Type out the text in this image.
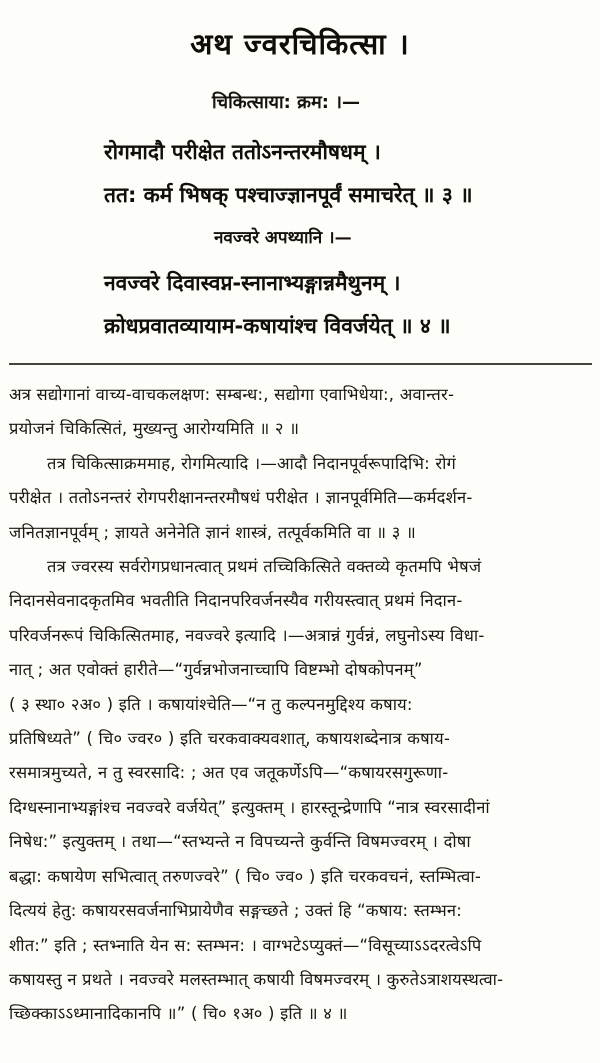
अथ ज्वरचिकित्सा ।
चिकित्साया: क्रम: ।—
रोगमादौ परीक्षेत ततोऽनन्तरमौषधम् ।
तत: कर्म भिषक् पश्चाज्ज्ञानपूर्वं समाचरेत् ॥ ३ ॥
नवज्वरे अपथ्यानि ।—
नवज्वरे दिवास्वप्न-स्नानाभ्यङ्गान्नमैथुनम् ।
क्रोधप्रवातव्यायाम-कषायांश्च विवर्जयेत् ॥ ४ ॥
अत्र सद्योगानां वाच्य-वाचकलक्षण: सम्बन्ध:, सद्योगा एवाभिधेया:, अवान्तर-
प्रयोजनं चिकित्सितं, मुख्यन्तु आरोग्यमिति ॥ २ ॥
तत्र चिकित्साक्रममाह, रोगमित्यादि ।—आदौ निदानपूर्वरूपादिभि: रोगं
परीक्षेत । ततोऽनन्तरं रोगपरीक्षानन्तरमौषधं परीक्षेत । ज्ञानपूर्वमिति—कर्मदर्शन-
जनितज्ञानपूर्वम् ; ज्ञायते अनेनेति ज्ञानं शास्त्रं, तत्पूर्वकमिति वा ॥ ३ ॥
तत्र ज्वरस्य सर्वरोगप्रधानत्वात् प्रथमं तच्चिकित्सिते वक्तव्ये कृतमपि भेषजं
निदानसेवनादकृतमिव भवतीति निदानपरिवर्जनस्यैव गरीयस्त्वात् प्रथमं निदान-
परिवर्जनरूपं चिकित्सितमाह, नवज्वरे इत्यादि ।—अत्रान्नं गुर्वन्नं, लघुनोऽस्य विधा-
नात् ; अत एवोक्तं हारीते—“गुर्वन्नभोजनाच्चापि विष्टम्भो दोषकोपनम्”
( ३ स्था० २अ० ) इति । कषायांश्चेति—“न तु कल्पनमुद्दिश्य कषाय:
प्रतिषिध्यते” ( चि० ज्वर० ) इति चरकवाक्यवशात्, कषायशब्देनात्र कषाय-
रसमात्रमुच्यते, न तु स्वरसादि: ; अत एव जतूकर्णेऽपि—“कषायरसगुरूणा-
दिग्धस्नानाभ्यङ्गांश्च नवज्वरे वर्जयेत्” इत्युक्तम् । हारस्तून्द्रेणापि “नात्र स्वरसादीनां
निषेध:” इत्युक्तम् । तथा—“स्तभ्यन्ते न विपच्यन्ते कुर्वन्ति विषमज्वरम् । दोषा
बद्धा: कषायेण सभित्वात् तरुणज्वरे” ( चि० ज्व० ) इति चरकवचनं, स्तम्भित्वा-
दित्ययं हेतु: कषायरसवर्जनाभिप्रायेणैव सङ्गच्छते ; उक्तं हि “कषाय: स्तम्भन:
शीत:” इति ; स्तभ्नाति येन स: स्तम्भन: । वाग्भटेऽप्युक्तं—“विसूच्याऽऽदरत्वेऽपि
कषायस्तु न प्रथते । नवज्वरे मलस्तम्भात् कषायी विषमज्वरम् । कुरुतेऽत्राशयस्थत्वा-
च्छिक्काऽऽध्मानादिकानपि ॥” ( चि० १अ० ) इति ॥ ४ ॥
